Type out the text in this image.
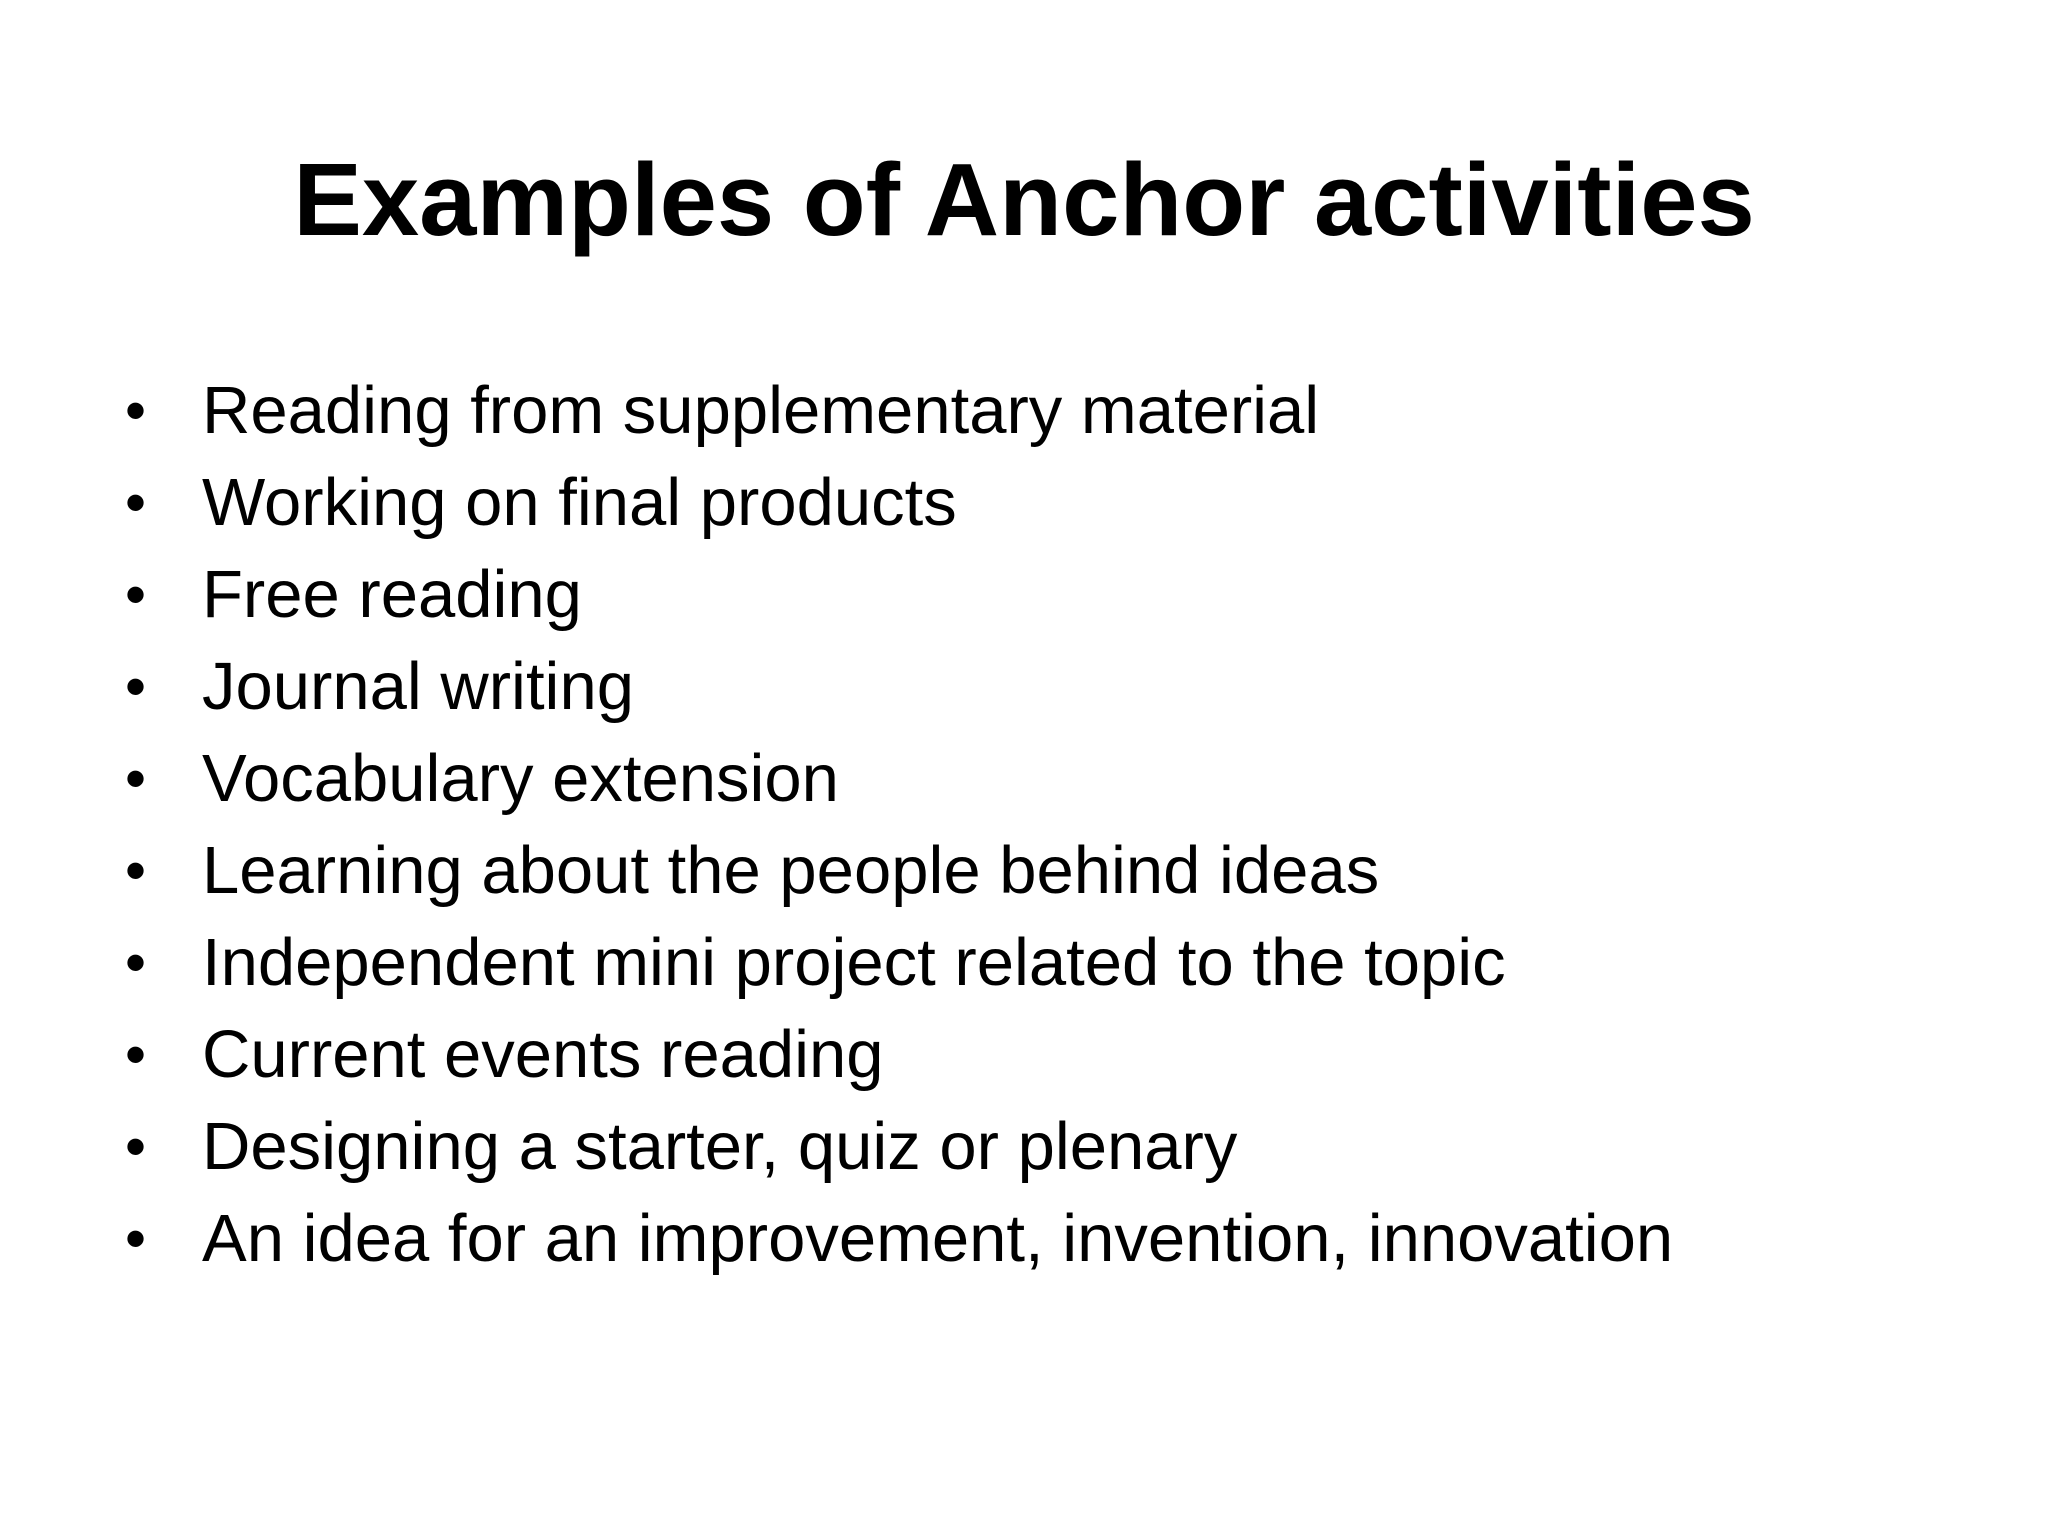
Examples of Anchor activities
• Reading from supplementary material
• Working on final products
• Free reading
• Journal writing
• Vocabulary extension
• Learning about the people behind ideas
• Independent mini project related to the topic
• Current events reading
• Designing a starter, quiz or plenary
• An idea for an improvement, invention, innovation
